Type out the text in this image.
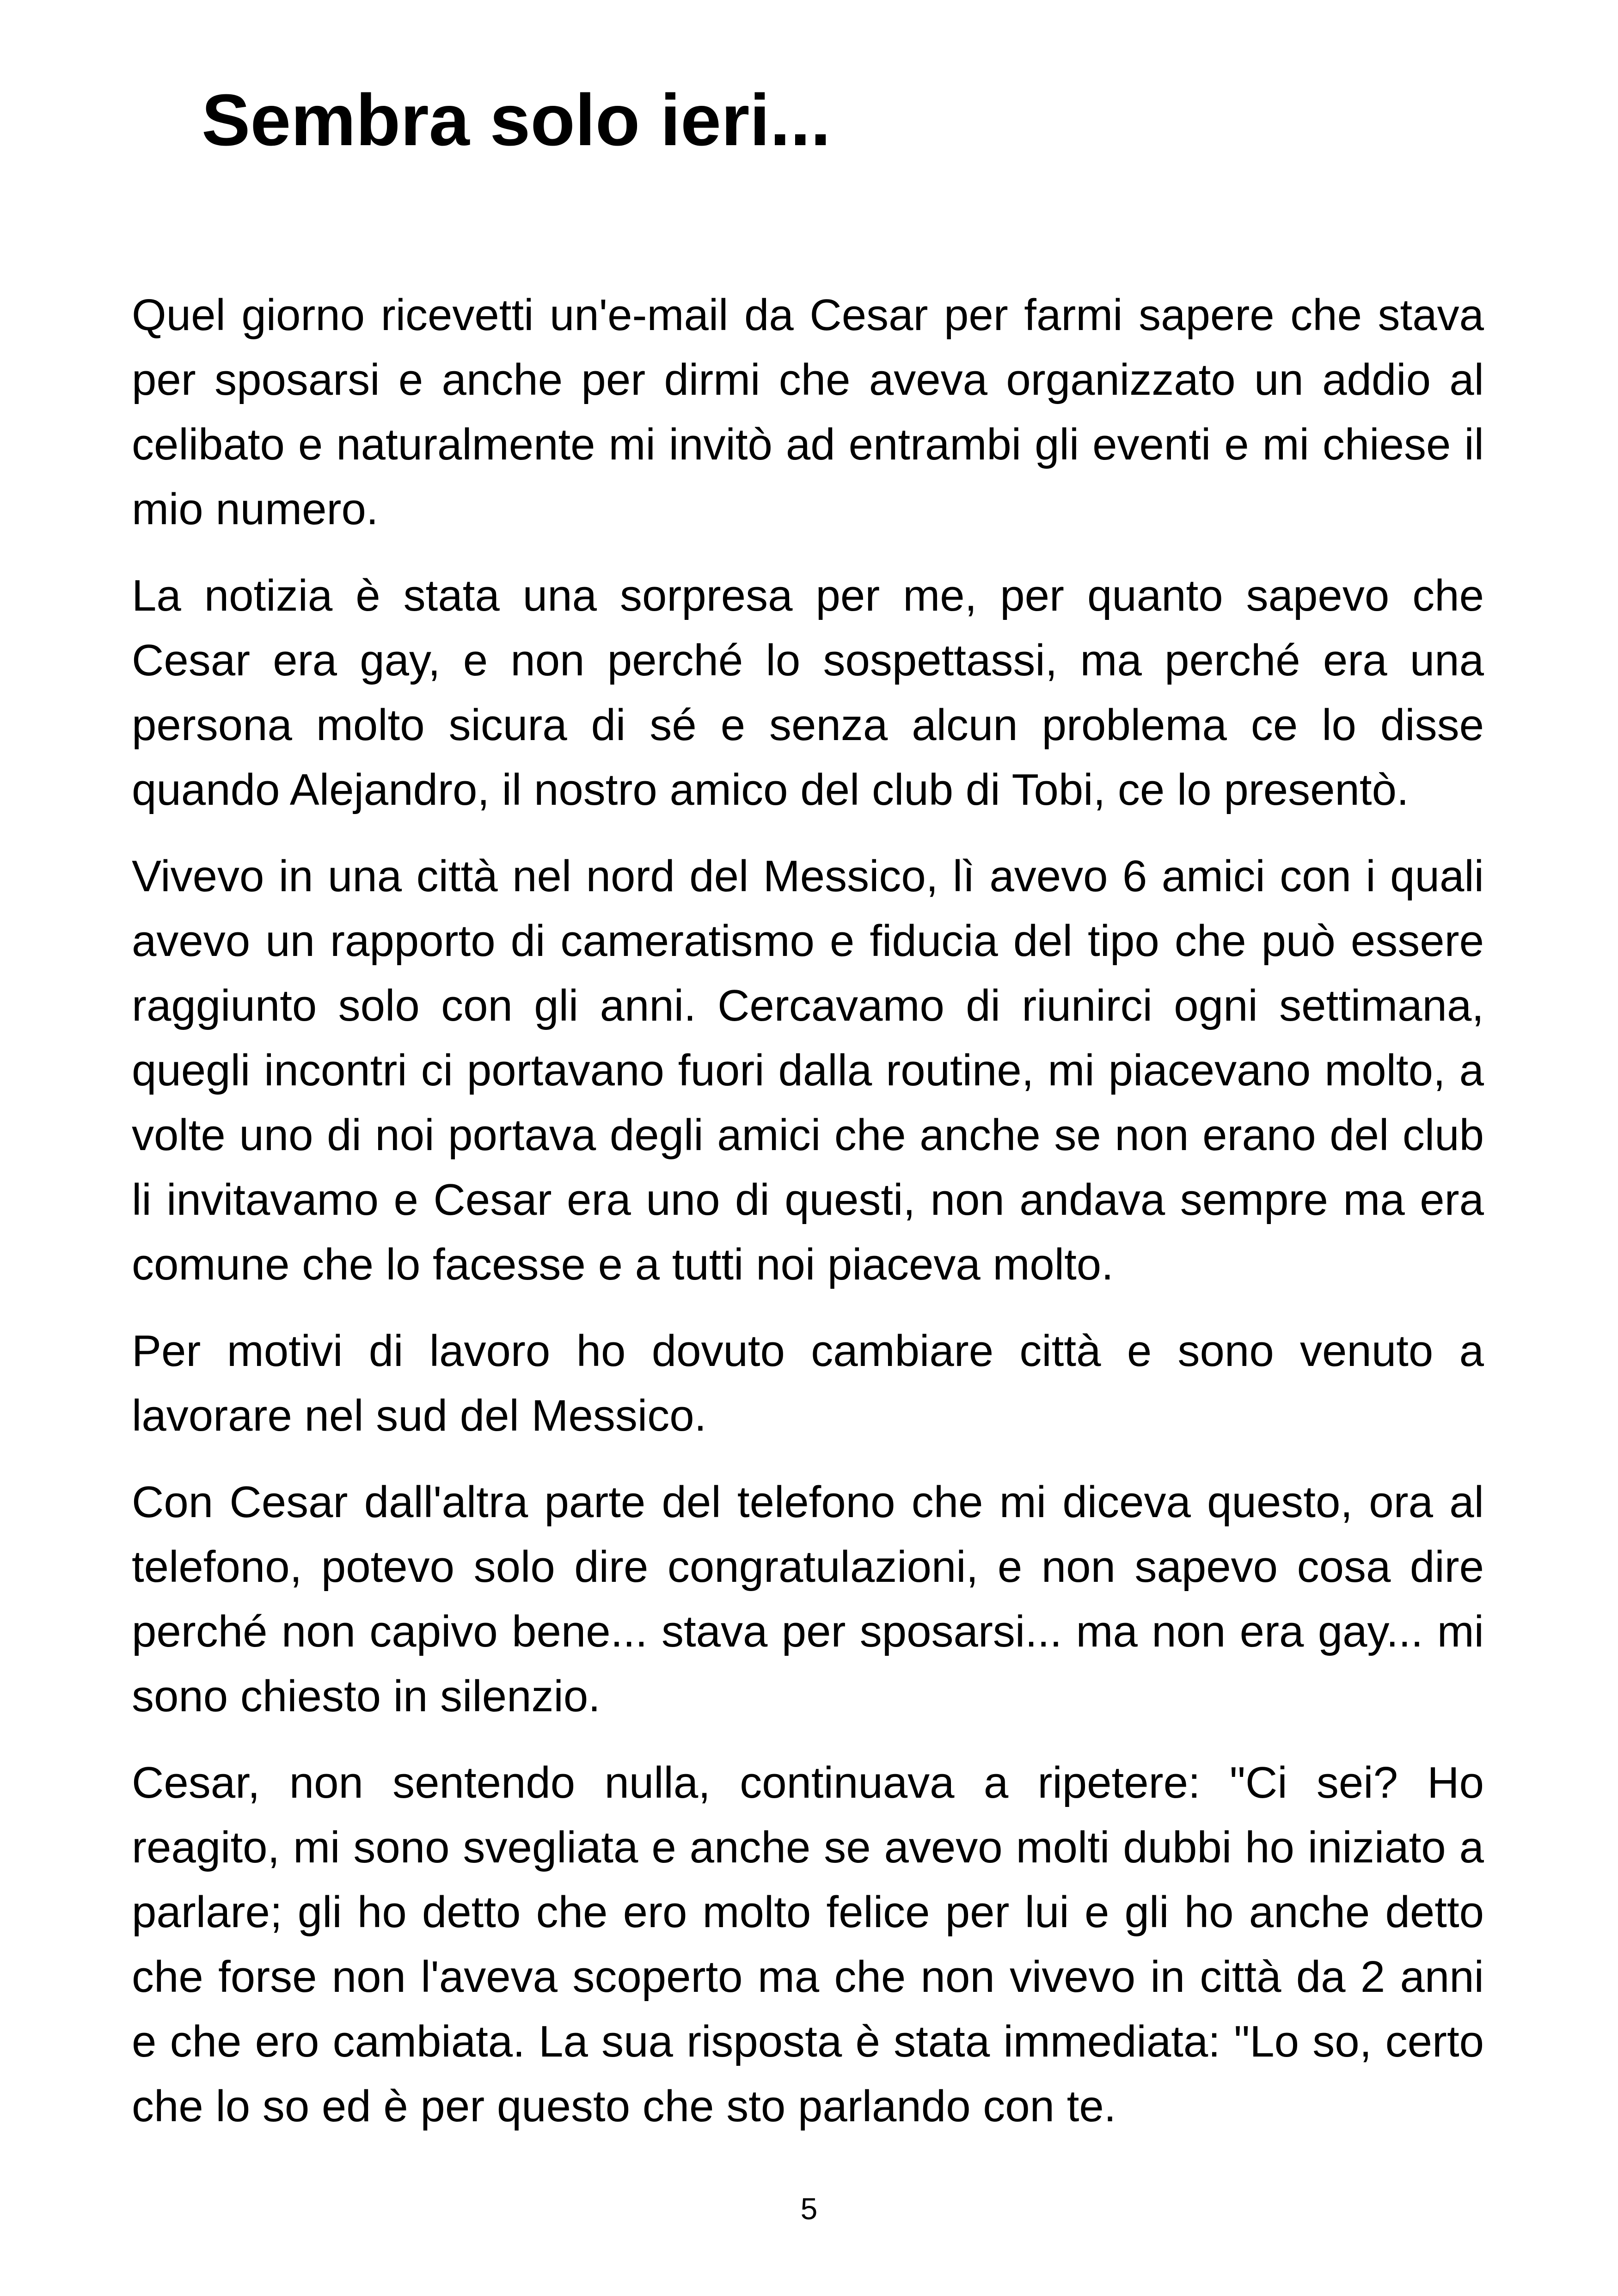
Sembra solo ieri...

Quel giorno ricevetti un'e-mail da Cesar per farmi sapere che stava per sposarsi e anche per dirmi che aveva organizzato un addio al celibato e naturalmente mi invitò ad entrambi gli eventi e mi chiese il mio numero.

La notizia è stata una sorpresa per me, per quanto sapevo che Cesar era gay, e non perché lo sospettassi, ma perché era una persona molto sicura di sé e senza alcun problema ce lo disse quando Alejandro, il nostro amico del club di Tobi, ce lo presentò.

Vivevo in una città nel nord del Messico, lì avevo 6 amici con i quali avevo un rapporto di cameratismo e fiducia del tipo che può essere raggiunto solo con gli anni. Cercavamo di riunirci ogni settimana, quegli incontri ci portavano fuori dalla routine, mi piacevano molto, a volte uno di noi portava degli amici che anche se non erano del club li invitavamo e Cesar era uno di questi, non andava sempre ma era comune che lo facesse e a tutti noi piaceva molto.

Per motivi di lavoro ho dovuto cambiare città e sono venuto a lavorare nel sud del Messico.

Con Cesar dall'altra parte del telefono che mi diceva questo, ora al telefono, potevo solo dire congratulazioni, e non sapevo cosa dire perché non capivo bene... stava per sposarsi... ma non era gay... mi sono chiesto in silenzio.

Cesar, non sentendo nulla, continuava a ripetere: "Ci sei? Ho reagito, mi sono svegliata e anche se avevo molti dubbi ho iniziato a parlare; gli ho detto che ero molto felice per lui e gli ho anche detto che forse non l'aveva scoperto ma che non vivevo in città da 2 anni e che ero cambiata. La sua risposta è stata immediata: "Lo so, certo che lo so ed è per questo che sto parlando con te.

5
